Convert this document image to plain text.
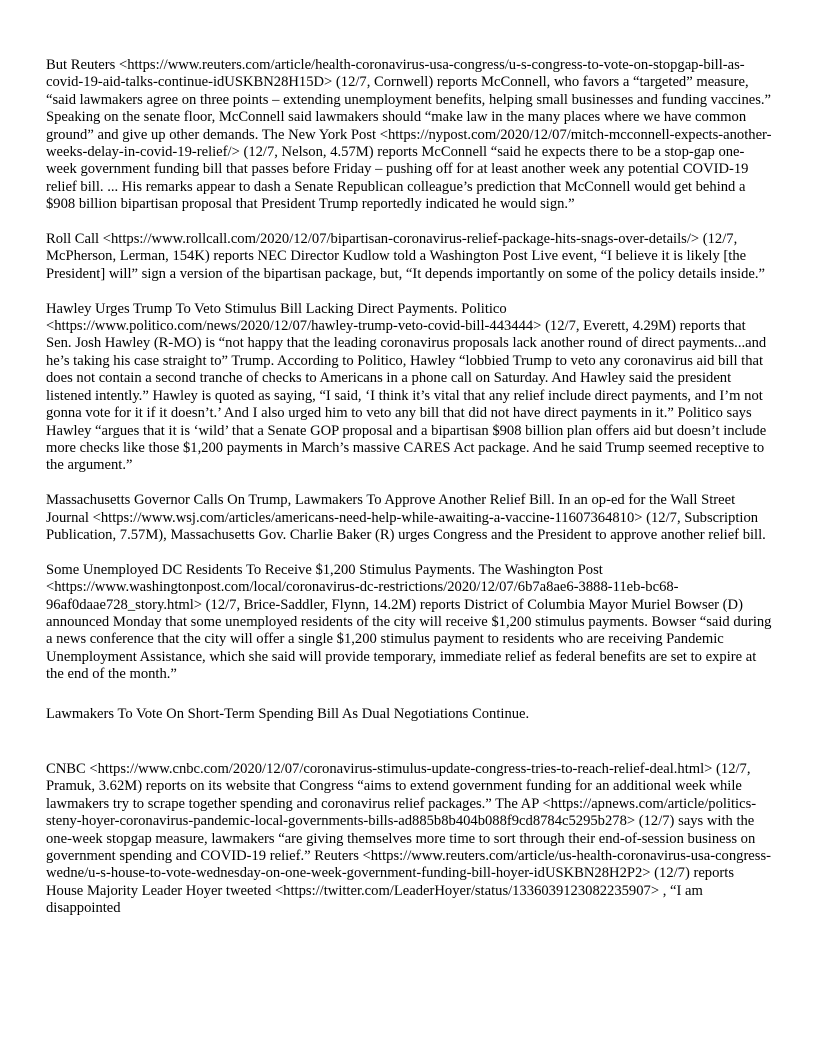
But Reuters <https://www.reuters.com/article/health-coronavirus-usa-congress/u-s-congress-to-vote-on-stopgap-bill-as-covid-19-aid-talks-continue-idUSKBN28H15D> (12/7, Cornwell) reports McConnell, who favors a “targeted” measure, “said lawmakers agree on three points – extending unemployment benefits, helping small businesses and funding vaccines.” Speaking on the senate floor, McConnell said lawmakers should “make law in the many places where we have common ground” and give up other demands. The New York Post <https://nypost.com/2020/12/07/mitch-mcconnell-expects-another-weeks-delay-in-covid-19-relief/> (12/7, Nelson, 4.57M) reports McConnell “said he expects there to be a stop-gap one-week government funding bill that passes before Friday – pushing off for at least another week any potential COVID-19 relief bill. ... His remarks appear to dash a Senate Republican colleague’s prediction that McConnell would get behind a $908 billion bipartisan proposal that President Trump reportedly indicated he would sign.”

Roll Call <https://www.rollcall.com/2020/12/07/bipartisan-coronavirus-relief-package-hits-snags-over-details/> (12/7, McPherson, Lerman, 154K) reports NEC Director Kudlow told a Washington Post Live event, “I believe it is likely [the President] will” sign a version of the bipartisan package, but, “It depends importantly on some of the policy details inside.”

Hawley Urges Trump To Veto Stimulus Bill Lacking Direct Payments. Politico <https://www.politico.com/news/2020/12/07/hawley-trump-veto-covid-bill-443444> (12/7, Everett, 4.29M) reports that Sen. Josh Hawley (R-MO) is “not happy that the leading coronavirus proposals lack another round of direct payments...and he’s taking his case straight to” Trump. According to Politico, Hawley “lobbied Trump to veto any coronavirus aid bill that does not contain a second tranche of checks to Americans in a phone call on Saturday. And Hawley said the president listened intently.” Hawley is quoted as saying, “I said, ‘I think it’s vital that any relief include direct payments, and I’m not gonna vote for it if it doesn’t.’ And I also urged him to veto any bill that did not have direct payments in it.” Politico says Hawley “argues that it is ‘wild’ that a Senate GOP proposal and a bipartisan $908 billion plan offers aid but doesn’t include more checks like those $1,200 payments in March’s massive CARES Act package. And he said Trump seemed receptive to the argument.”

Massachusetts Governor Calls On Trump, Lawmakers To Approve Another Relief Bill. In an op-ed for the Wall Street Journal <https://www.wsj.com/articles/americans-need-help-while-awaiting-a-vaccine-11607364810> (12/7, Subscription Publication, 7.57M), Massachusetts Gov. Charlie Baker (R) urges Congress and the President to approve another relief bill.

Some Unemployed DC Residents To Receive $1,200 Stimulus Payments. The Washington Post <https://www.washingtonpost.com/local/coronavirus-dc-restrictions/2020/12/07/6b7a8ae6-3888-11eb-bc68-96af0daae728_story.html> (12/7, Brice-Saddler, Flynn, 14.2M) reports District of Columbia Mayor Muriel Bowser (D) announced Monday that some unemployed residents of the city will receive $1,200 stimulus payments. Bowser “said during a news conference that the city will offer a single $1,200 stimulus payment to residents who are receiving Pandemic Unemployment Assistance, which she said will provide temporary, immediate relief as federal benefits are set to expire at the end of the month.”

Lawmakers To Vote On Short-Term Spending Bill As Dual Negotiations Continue.

CNBC <https://www.cnbc.com/2020/12/07/coronavirus-stimulus-update-congress-tries-to-reach-relief-deal.html> (12/7, Pramuk, 3.62M) reports on its website that Congress “aims to extend government funding for an additional week while lawmakers try to scrape together spending and coronavirus relief packages.” The AP <https://apnews.com/article/politics-steny-hoyer-coronavirus-pandemic-local-governments-bills-ad885b8b404b088f9cd8784c5295b278> (12/7) says with the one-week stopgap measure, lawmakers “are giving themselves more time to sort through their end-of-session business on government spending and COVID-19 relief.” Reuters <https://www.reuters.com/article/us-health-coronavirus-usa-congress-wedne/u-s-house-to-vote-wednesday-on-one-week-government-funding-bill-hoyer-idUSKBN28H2P2> (12/7) reports House Majority Leader Hoyer tweeted <https://twitter.com/LeaderHoyer/status/1336039123082235907> , “I am disappointed
